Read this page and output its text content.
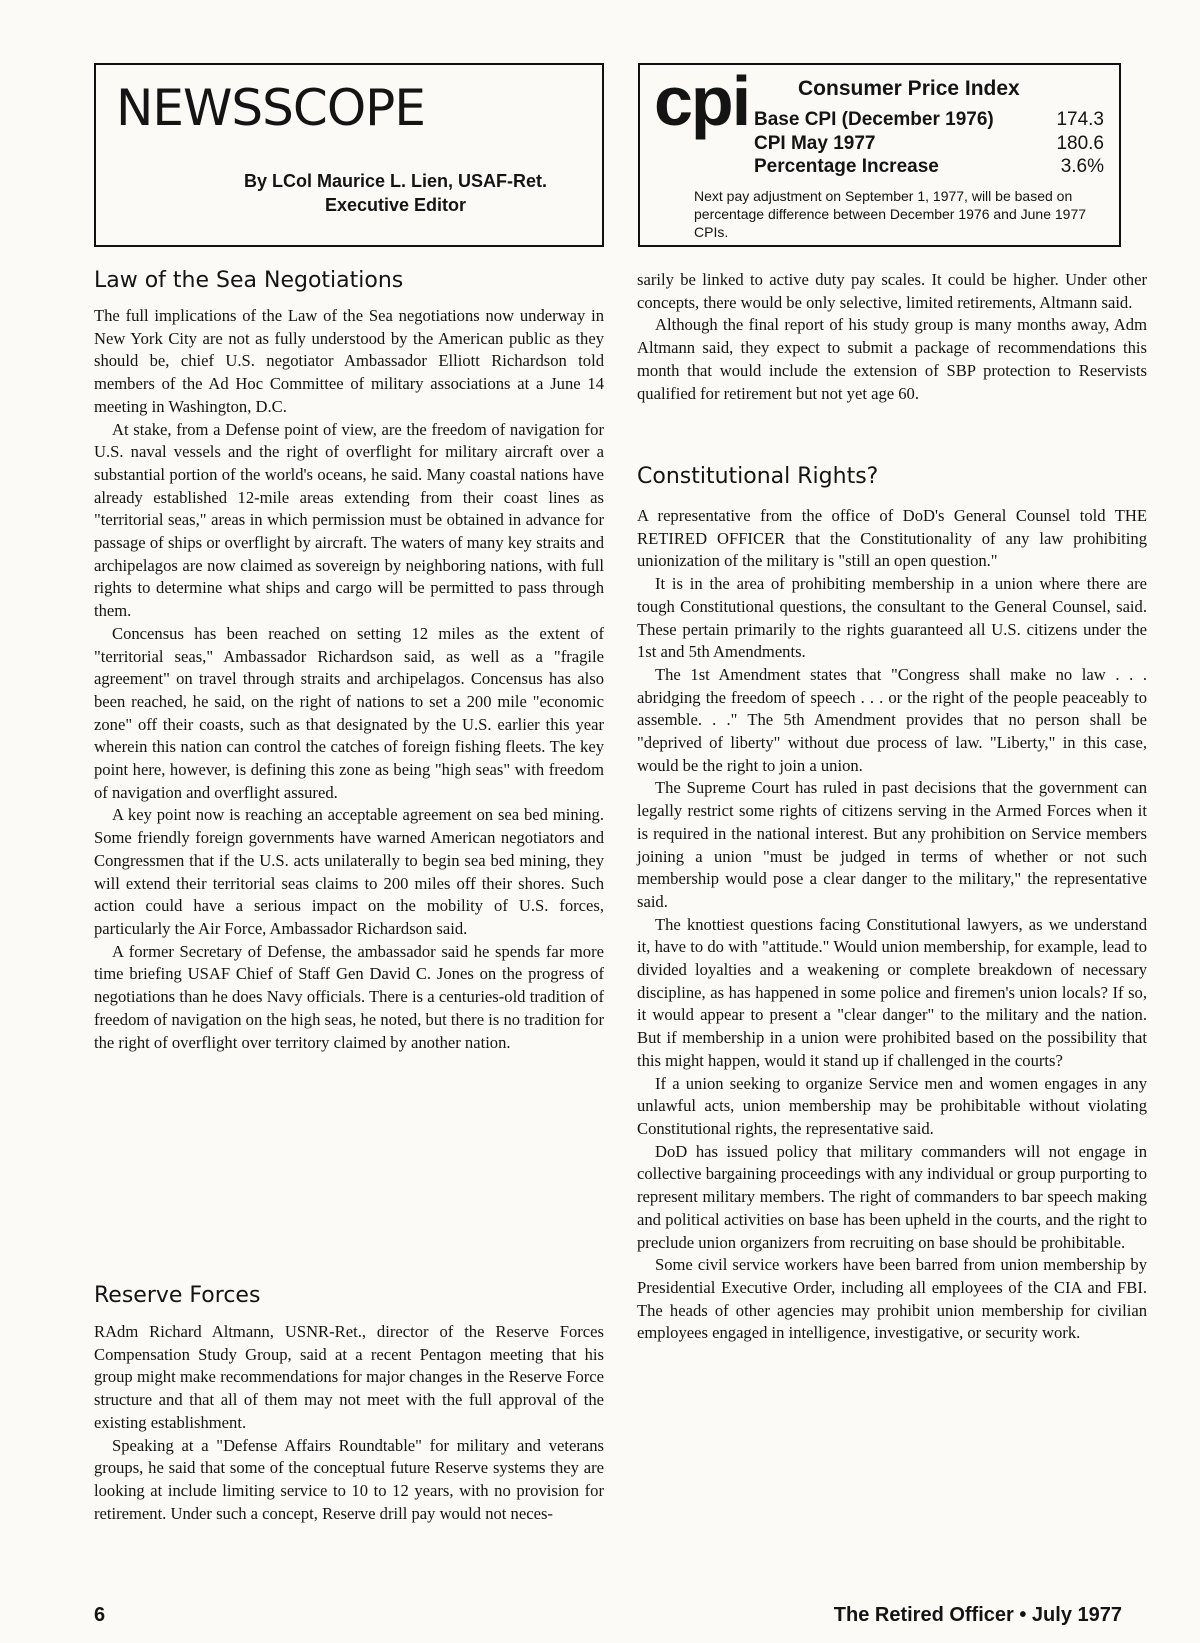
NEWSSCOPE
By LCol Maurice L. Lien, USAF-Ret.
Executive Editor
cpi Consumer Price Index
Base CPI (December 1976)	174.3
CPI May 1977	180.6
Percentage Increase	3.6%
Next pay adjustment on September 1, 1977, will be based on percentage difference between December 1976 and June 1977 CPIs.
Law of the Sea Negotiations

The full implications of the Law of the Sea negotiations now underway in New York City are not as fully understood by the American public as they should be, chief U.S. negotiator Ambassador Elliott Richardson told members of the Ad Hoc Committee of military associations at a June 14 meeting in Washington, D.C.

At stake, from a Defense point of view, are the freedom of navigation for U.S. naval vessels and the right of overflight for military aircraft over a substantial portion of the world's oceans, he said. Many coastal nations have already established 12-mile areas extending from their coast lines as "territorial seas," areas in which permission must be obtained in advance for passage of ships or overflight by aircraft. The waters of many key straits and archipelagos are now claimed as sovereign by neighboring nations, with full rights to determine what ships and cargo will be permitted to pass through them.

Concensus has been reached on setting 12 miles as the extent of "territorial seas," Ambassador Richardson said, as well as a "fragile agreement" on travel through straits and archipelagos. Concensus has also been reached, he said, on the right of nations to set a 200 mile "economic zone" off their coasts, such as that designated by the U.S. earlier this year wherein this nation can control the catches of foreign fishing fleets. The key point here, however, is defining this zone as being "high seas" with freedom of navigation and overflight assured.

A key point now is reaching an acceptable agreement on sea bed mining. Some friendly foreign governments have warned American negotiators and Congressmen that if the U.S. acts unilaterally to begin sea bed mining, they will extend their territorial seas claims to 200 miles off their shores. Such action could have a serious impact on the mobility of U.S. forces, particularly the Air Force, Ambassador Richardson said.

A former Secretary of Defense, the ambassador said he spends far more time briefing USAF Chief of Staff Gen David C. Jones on the progress of negotiations than he does Navy officials. There is a centuries-old tradition of freedom of navigation on the high seas, he noted, but there is no tradition for the right of overflight over territory claimed by another nation.

Reserve Forces

RAdm Richard Altmann, USNR-Ret., director of the Reserve Forces Compensation Study Group, said at a recent Pentagon meeting that his group might make recommendations for major changes in the Reserve Force structure and that all of them may not meet with the full approval of the existing establishment.

Speaking at a "Defense Affairs Roundtable" for military and veterans groups, he said that some of the conceptual future Reserve systems they are looking at include limiting service to 10 to 12 years, with no provision for retirement. Under such a concept, Reserve drill pay would not neces-

sarily be linked to active duty pay scales. It could be higher. Under other concepts, there would be only selective, limited retirements, Altmann said.

Although the final report of his study group is many months away, Adm Altmann said, they expect to submit a package of recommendations this month that would include the extension of SBP protection to Reservists qualified for retirement but not yet age 60.

Constitutional Rights?

A representative from the office of DoD's General Counsel told THE RETIRED OFFICER that the Constitutionality of any law prohibiting unionization of the military is "still an open question."

It is in the area of prohibiting membership in a union where there are tough Constitutional questions, the consultant to the General Counsel, said. These pertain primarily to the rights guaranteed all U.S. citizens under the 1st and 5th Amendments.

The 1st Amendment states that "Congress shall make no law . . . abridging the freedom of speech . . . or the right of the people peaceably to assemble. . ." The 5th Amendment provides that no person shall be "deprived of liberty" without due process of law. "Liberty," in this case, would be the right to join a union.

The Supreme Court has ruled in past decisions that the government can legally restrict some rights of citizens serving in the Armed Forces when it is required in the national interest. But any prohibition on Service members joining a union "must be judged in terms of whether or not such membership would pose a clear danger to the military," the representative said.

The knottiest questions facing Constitutional lawyers, as we understand it, have to do with "attitude." Would union membership, for example, lead to divided loyalties and a weakening or complete breakdown of necessary discipline, as has happened in some police and firemen's union locals? If so, it would appear to present a "clear danger" to the military and the nation. But if membership in a union were prohibited based on the possibility that this might happen, would it stand up if challenged in the courts?

If a union seeking to organize Service men and women engages in any unlawful acts, union membership may be prohibitable without violating Constitutional rights, the representative said.

DoD has issued policy that military commanders will not engage in collective bargaining proceedings with any individual or group purporting to represent military members. The right of commanders to bar speech making and political activities on base has been upheld in the courts, and the right to preclude union organizers from recruiting on base should be prohibitable.

Some civil service workers have been barred from union membership by Presidential Executive Order, including all employees of the CIA and FBI. The heads of other agencies may prohibit union membership for civilian employees engaged in intelligence, investigative, or security work.

6	The Retired Officer • July 1977
